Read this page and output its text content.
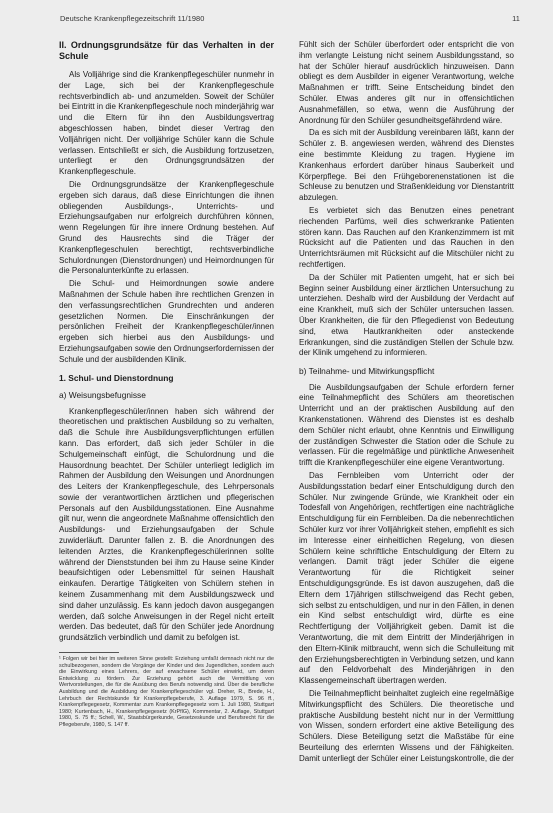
Deutsche Krankenpflegezeitschrift 11/1980	11
II. Ordnungsgrundsätze für das Verhalten in der Schule

Als Volljährige sind die Krankenpflegeschüler nunmehr in der Lage, sich bei der Krankenpflegeschule rechtsverbindlich ab- und anzumelden. Soweit der Schüler bei Eintritt in die Krankenpflegeschule noch minderjährig war und die Eltern für ihn den Ausbildungsvertrag abgeschlossen haben, bindet dieser Vertrag den Volljährigen nicht. Der volljährige Schüler kann die Schule verlassen. Entschließt er sich, die Ausbildung fortzusetzen, unterliegt er den Ordnungsgrundsätzen der Krankenpflegeschule.

Die Ordnungsgrundsätze der Krankenpflegeschule ergeben sich daraus, daß diese Einrichtungen die ihnen obliegenden Ausbildungs-, Unterrichts- und Erziehungsaufgaben nur erfolgreich durchführen können, wenn Regelungen für ihre innere Ordnung bestehen. Auf Grund des Hausrechts sind die Träger der Krankenpflegeschulen berechtigt, rechtsverbindliche Schulordnungen (Dienstordnungen) und Heimordnungen für die Personalunterkünfte zu erlassen.

Die Schul- und Heimordnungen sowie andere Maßnahmen der Schule haben ihre rechtlichen Grenzen in den verfassungsrechtlichen Grundrechten und anderen gesetzlichen Normen. Die Einschränkungen der persönlichen Freiheit der Krankenpflegeschüler/innen ergeben sich hierbei aus den Ausbildungs- und Erziehungsaufgaben sowie den Ordnungserfordernissen der Schule und der ausbildenden Klinik.

1. Schul- und Dienstordnung
a) Weisungsbefugnisse

Krankenpflegeschüler/innen haben sich während der theoretischen und praktischen Ausbildung so zu verhalten, daß die Schule ihre Ausbildungsverpflichtungen erfüllen kann. Das erfordert, daß sich jeder Schüler in die Schulgemeinschaft einfügt, die Schulordnung und die Hausordnung beachtet. Der Schüler unterliegt lediglich im Rahmen der Ausbildung den Weisungen und Anordnungen des Leiters der Krankenpflegeschule, des Lehrpersonals sowie der verantwortlichen ärztlichen und pflegerischen Personals auf den Ausbildungsstationen. Eine Ausnahme gilt nur, wenn die angeordnete Maßnahme offensichtlich den Ausbildungs- und Erziehungsaufgaben der Schule zuwiderläuft. Darunter fallen z. B. die Anordnungen des leitenden Arztes, die Krankenpflegeschülerinnen sollte während der Dienststunden bei ihm zu Hause seine Kinder beaufsichtigen oder Lebensmittel für seinen Haushalt einkaufen. Derartige Tätigkeiten von Schülern stehen in keinem Zusammenhang mit dem Ausbildungszweck und sind daher unzulässig. Es kann jedoch davon ausgegangen werden, daß solche Anweisungen in der Regel nicht erteilt werden. Das bedeutet, daß für den Schüler jede Anordnung grundsätzlich verbindlich und damit zu befolgen ist.

¹ Folgen wir bei hier im weiteren Sinne gestellt: Erziehung umfaßt demnach nicht nur die schulbezogenen, sondern die Vorgänge der Kinder und des Jugendlichen, sondern auch die Einwirkung eines Lehrers, der auf erwachsene Schüler einwirkt, um deren Entwicklung zu fördern. Zur Erziehung gehört auch die Vermittlung von Wertvorstellungen, die für die Ausübung des Berufs notwendig sind. Über die berufliche Ausbildung und die Ausbildung der Krankenpflegeschüler vgl. Dreher, R., Brede, H., Lehrbuch der Rechtskunde für Krankenpflegeberufe, 3. Auflage 1979, S. 96 ff., Krankenpflegegesetz, Kommentar zum Krankenpflegegesetz vom 1. Juli 1980, Stuttgart 1980; Kurtenbach, H., Krankenpflegegesetz (KrPflG), Kommentar, 2. Auflage, Stuttgart 1980, S. 75 ff.; Schell, W., Staatsbürgerkunde, Gesetzeskunde und Berufsrecht für die Pflegeberufe, 1980, S. 147 ff.

Fühlt sich der Schüler überfordert oder entspricht die von ihm verlangte Leistung nicht seinem Ausbildungsstand, so hat der Schüler hierauf ausdrücklich hinzuweisen. Dann obliegt es dem Ausbilder in eigener Verantwortung, welche Maßnahmen er trifft. Seine Entscheidung bindet den Schüler. Etwas anderes gilt nur in offensichtlichen Ausnahmefällen, so etwa, wenn die Ausführung der Anordnung für den Schüler gesundheitsgefährdend wäre.

Da es sich mit der Ausbildung vereinbaren läßt, kann der Schüler z. B. angewiesen werden, während des Dienstes eine bestimmte Kleidung zu tragen. Hygiene im Krankenhaus erfordert darüber hinaus Sauberkeit und Körperpflege. Bei den Frühgeborenenstationen ist die Schleuse zu benutzen und Straßenkleidung vor Dienstantritt abzulegen.

Es verbietet sich das Benutzen eines penetrant riechenden Parfüms, weil dies schwerkranke Patienten stören kann. Das Rauchen auf den Krankenzimmern ist mit Rücksicht auf die Patienten und das Rauchen in den Unterrichtsräumen mit Rücksicht auf die Mitschüler nicht zu rechtfertigen.

Da der Schüler mit Patienten umgeht, hat er sich bei Beginn seiner Ausbildung einer ärztlichen Untersuchung zu unterziehen. Deshalb wird der Ausbildung der Verdacht auf eine Krankheit, muß sich der Schüler untersuchen lassen. Über Krankheiten, die für den Pflegedienst von Bedeutung sind, etwa Hautkrankheiten oder ansteckende Erkrankungen, sind die zuständigen Stellen der Schule bzw. der Klinik umgehend zu informieren.

b) Teilnahme- und Mitwirkungspflicht

Die Ausbildungsaufgaben der Schule erfordern ferner eine Teilnahmepflicht des Schülers am theoretischen Unterricht und an der praktischen Ausbildung auf den Krankenstationen. Während des Dienstes ist es deshalb dem Schüler nicht erlaubt, ohne Kenntnis und Einwilligung der zuständigen Schwester die Station oder die Schule zu verlassen. Für die regelmäßige und pünktliche Anwesenheit trifft die Krankenpflegeschüler eine eigene Verantwortung.

Das Fernbleiben vom Unterricht oder der Ausbildungsstation bedarf einer Entschuldigung durch den Schüler. Nur zwingende Gründe, wie Krankheit oder ein Todesfall von Angehörigen, rechtfertigen eine nachträgliche Entschuldigung für ein Fernbleiben. Da die nebenrechtlichen Schüler kurz vor ihrer Volljährigkeit stehen, empfiehlt es sich im Interesse einer einheitlichen Regelung, von diesen Schülern keine schriftliche Entschuldigung der Eltern zu verlangen. Damit trägt jeder Schüler die eigene Verantwortung für die Richtigkeit seiner Entschuldigungsgründe. Es ist davon auszugehen, daß die Eltern dem 17jährigen stillschweigend das Recht geben, sich selbst zu entschuldigen, und nur in den Fällen, in denen ein Kind selbst entschuldigt wird, dürfte es eine Rechtfertigung der Volljährigkeit geben. Damit ist die Verantwortung, die mit dem Eintritt der Minderjährigen in den Eltern-Klinik mitbraucht, wenn sich die Schulleitung mit den Erziehungsberechtigten in Verbindung setzen, und kann auf den Feldvorbehalt des Minderjährigen in den Klassengemeinschaft übertragen werden.

Die Teilnahmepflicht beinhaltet zugleich eine regelmäßige Mitwirkungspflicht des Schülers. Die theoretische und praktische Ausbildung besteht nicht nur in der Vermittlung von Wissen, sondern erfordert eine aktive Beteiligung des Schülers. Diese Beteiligung setzt die Maßstäbe für eine Beurteilung des erlernten Wissens und der Fähigkeiten. Damit unterliegt der Schüler einer Leistungskontrolle, die der
